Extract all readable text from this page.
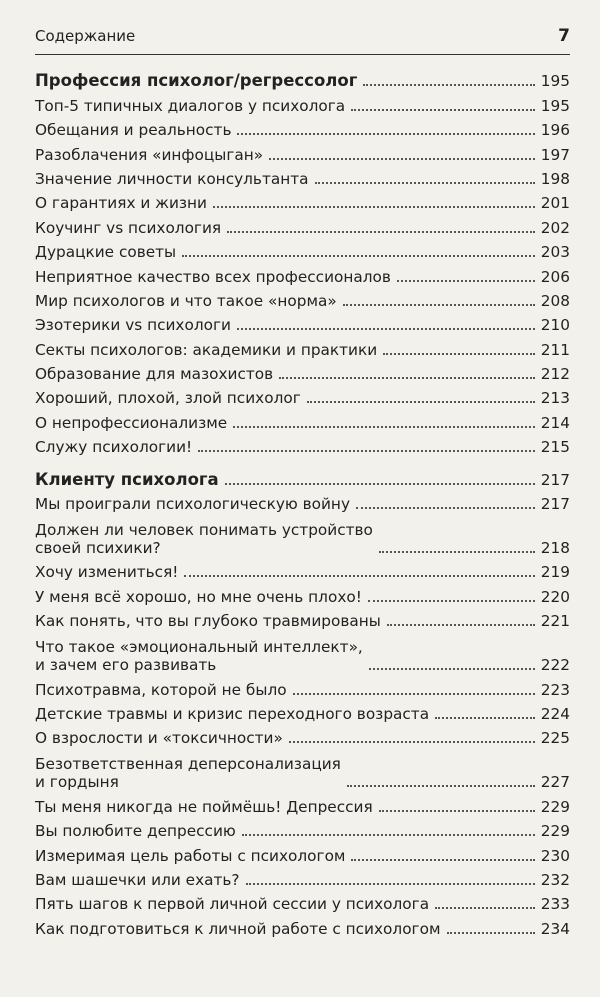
Содержание	7
Профессия психолог/регрессолог	195
Топ-5 типичных диалогов у психолога	195
Обещания и реальность	196
Разоблачения «инфоцыган»	197
Значение личности консультанта	198
О гарантиях и жизни	201
Коучинг vs психология	202
Дурацкие советы	203
Неприятное качество всех профессионалов	206
Мир психологов и что такое «норма»	208
Эзотерики vs психологи	210
Секты психологов: академики и практики	211
Образование для мазохистов	212
Хороший, плохой, злой психолог	213
О непрофессионализме	214
Служу психологии!	215
Клиенту психолога	217
Мы проиграли психологическую войну	217
Должен ли человек понимать устройство
своей психики?	218
Хочу измениться!	219
У меня всё хорошо, но мне очень плохо!	220
Как понять, что вы глубоко травмированы	221
Что такое «эмоциональный интеллект»,
и зачем его развивать	222
Психотравма, которой не было	223
Детские травмы и кризис переходного возраста	224
О взрослости и «токсичности»	225
Безответственная деперсонализация
и гордыня	227
Ты меня никогда не поймёшь! Депрессия	229
Вы полюбите депрессию	229
Измеримая цель работы с психологом	230
Вам шашечки или ехать?	232
Пять шагов к первой личной сессии у психолога	233
Как подготовиться к личной работе с психологом	234
